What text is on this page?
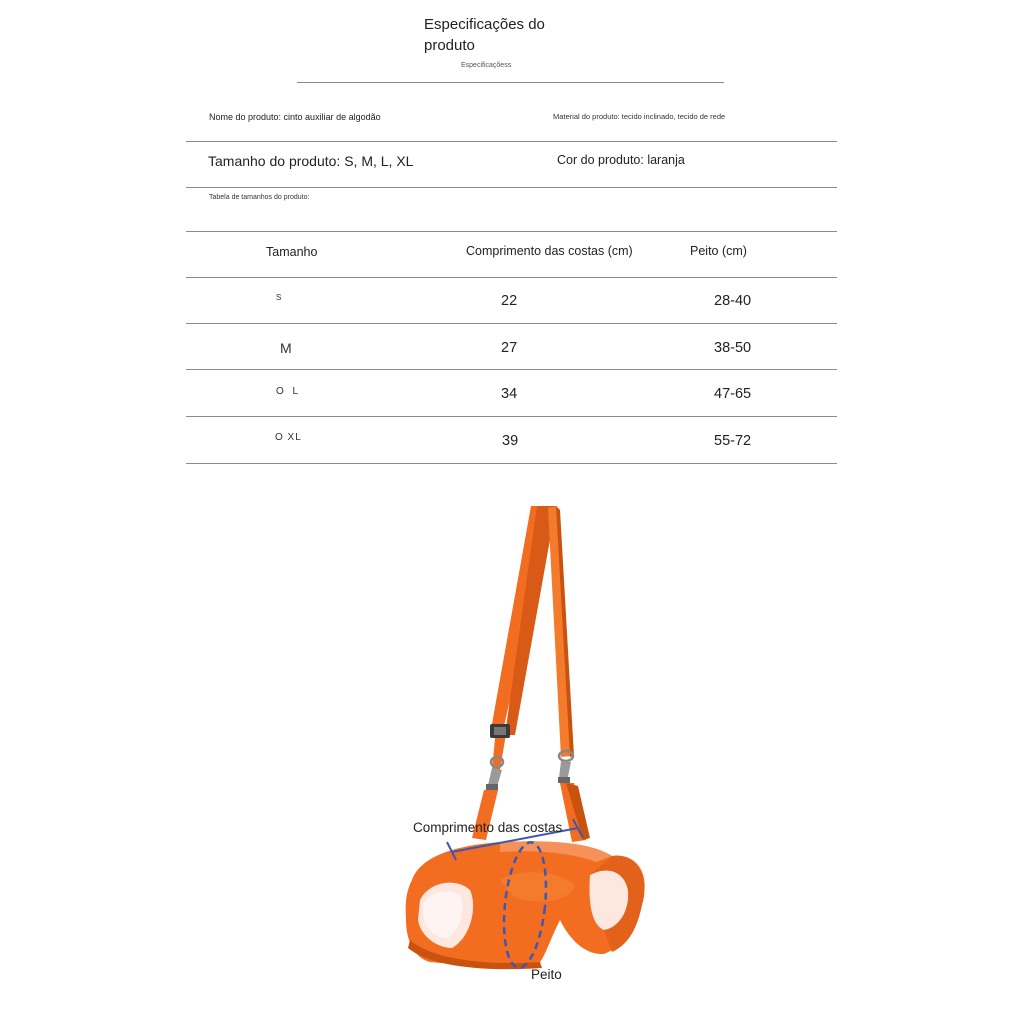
Especificações do produto
Especificaçõess
Nome do produto: cinto auxiliar de algodão	Material do produto: tecido inclinado, tecido de rede
Tamanho do produto: S, M, L, XL	Cor do produto: laranja
Tabela de tamanhos do produto:
Tamanho	Comprimento das costas (cm)	Peito (cm)
S	22	28-40
M	27	38-50
O L	34	47-65
O XL	39	55-72
Comprimento das costas
Peito
